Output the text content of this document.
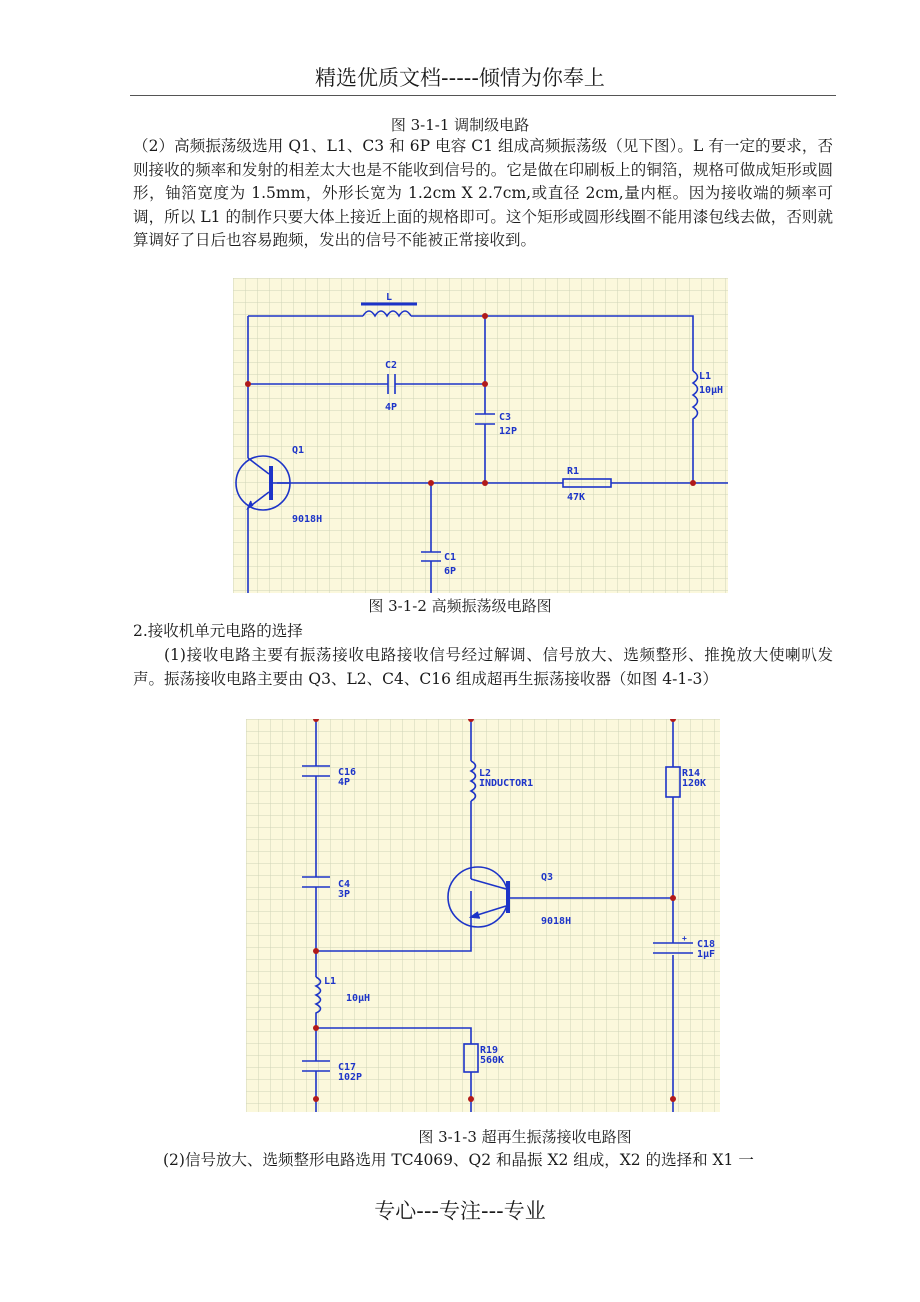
精选优质文档-----倾情为你奉上
图 3-1-1 调制级电路
（2）高频振荡级选用 Q1、L1、C3 和 6P 电容 C1 组成高频振荡级（见下图）。L 有一定的要求，否则接收的频率和发射的相差太大也是不能收到信号的。它是做在印刷板上的铜箔，规格可做成矩形或圆形，铀箔宽度为 1.5mm，外形长宽为 1.2cm X 2.7cm,或直径 2cm,量内框。因为接收端的频率可调，所以 L1 的制作只要大体上接近上面的规格即可。这个矩形或圆形线圈不能用漆包线去做，否则就算调好了日后也容易跑频，发出的信号不能被正常接收到。
L
C2
4P
C3
12P
L1
10μH
R1
47K
C1
6P
Q1
9018H
图 3-1-2 高频振荡级电路图
2.接收机单元电路的选择
(1)接收电路主要有振荡接收电路接收信号经过解调、信号放大、选频整形、推挽放大使喇叭发声。振荡接收电路主要由 Q3、L2、C4、C16 组成超再生振荡接收器（如图 4-1-3）
C16
4P
L2
INDUCTOR1
R14
120K
C4
3P
Q3
9018H
+
C18
1μF
L1
10μH
R19
560K
C17
102P
图 3-1-3 超再生振荡接收电路图
(2)信号放大、选频整形电路选用 TC4069、Q2 和晶振 X2 组成，X2 的选择和 X1 一
专心---专注---专业
